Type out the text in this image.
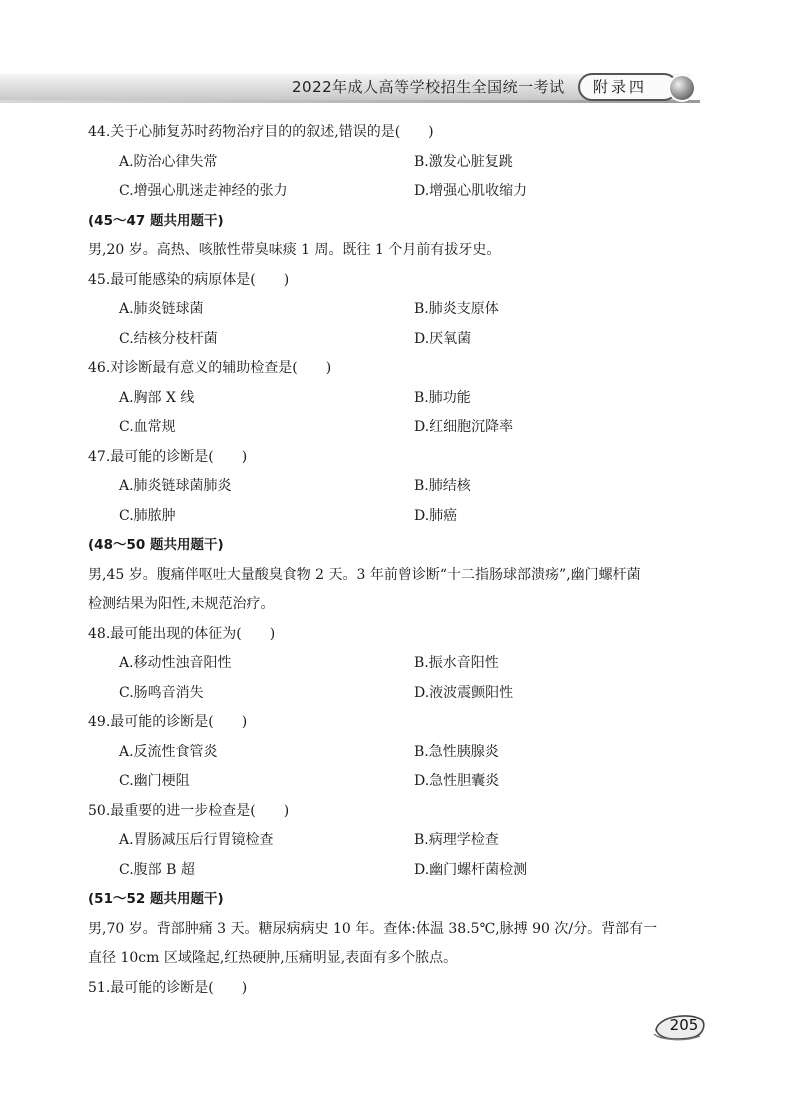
2022年成人高等学校招生全国统一考试	附录四
44.关于心肺复苏时药物治疗目的的叙述,错误的是(　　)
A.防治心律失常	B.激发心脏复跳
C.增强心肌迷走神经的张力	D.增强心肌收缩力
(45～47 题共用题干)
男,20 岁。高热、咳脓性带臭味痰 1 周。既往 1 个月前有拔牙史。
45.最可能感染的病原体是(　　)
A.肺炎链球菌	B.肺炎支原体
C.结核分枝杆菌	D.厌氧菌
46.对诊断最有意义的辅助检查是(　　)
A.胸部 X 线	B.肺功能
C.血常规	D.红细胞沉降率
47.最可能的诊断是(　　)
A.肺炎链球菌肺炎	B.肺结核
C.肺脓肿	D.肺癌
(48～50 题共用题干)
男,45 岁。腹痛伴呕吐大量酸臭食物 2 天。3 年前曾诊断“十二指肠球部溃疡”,幽门螺杆菌
检测结果为阳性,未规范治疗。
48.最可能出现的体征为(　　)
A.移动性浊音阳性	B.振水音阳性
C.肠鸣音消失	D.液波震颤阳性
49.最可能的诊断是(　　)
A.反流性食管炎	B.急性胰腺炎
C.幽门梗阻	D.急性胆囊炎
50.最重要的进一步检查是(　　)
A.胃肠减压后行胃镜检查	B.病理学检查
C.腹部 B 超	D.幽门螺杆菌检测
(51～52 题共用题干)
男,70 岁。背部肿痛 3 天。糖尿病病史 10 年。查体:体温 38.5℃,脉搏 90 次/分。背部有一
直径 10cm 区域隆起,红热硬肿,压痛明显,表面有多个脓点。
51.最可能的诊断是(　　)
205
